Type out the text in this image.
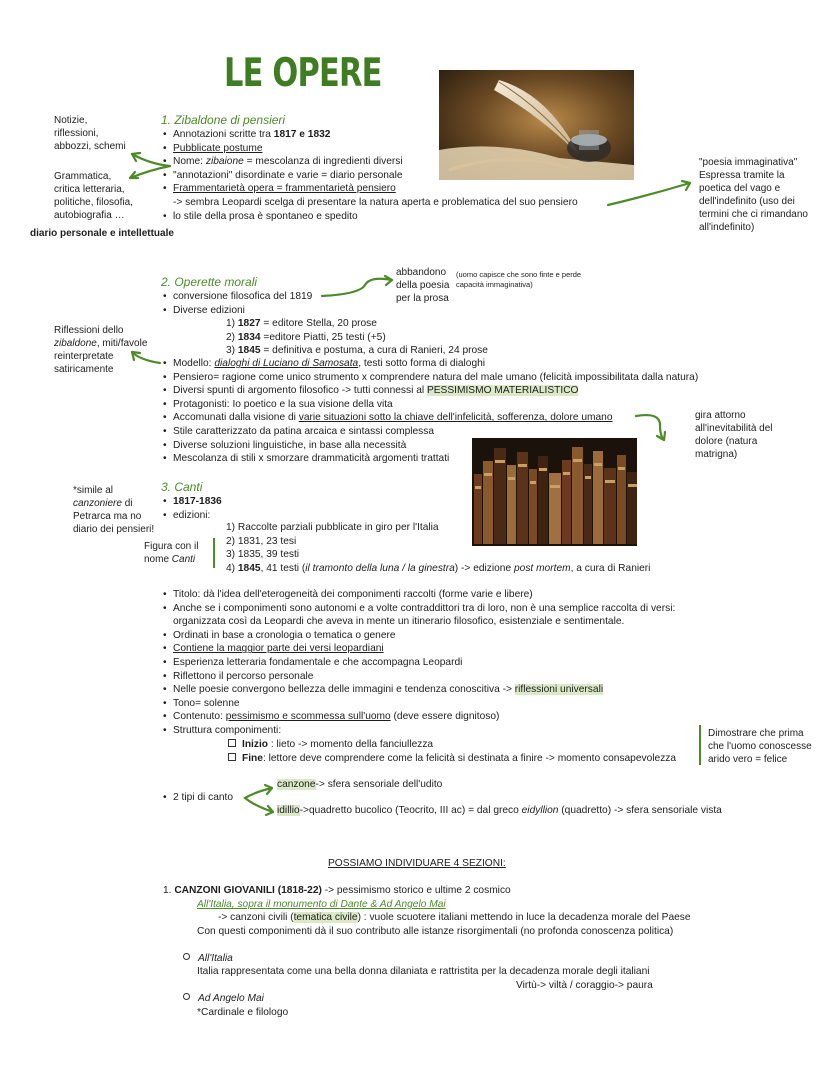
LE OPERE
Notizie,
riflessioni,
abbozzi, schemi
Grammatica,
critica letteraria,
politiche, filosofia,
autobiografia …
diario personale e intellettuale
1. Zibaldone di pensieri
• Annotazioni scritte tra 1817 e 1832
• Pubblicate postume
• Nome: zibaione = mescolanza di ingredienti diversi
• "annotazioni" disordinate e varie = diario personale
• Frammentarietà opera = frammentarietà pensiero
-> sembra Leopardi scelga di presentare la natura aperta e problematica del suo pensiero
• lo stile della prosa è spontaneo e spedito
"poesia immaginativa"
Espressa tramite la
poetica del vago e
dell'indefinito (uso dei
termini che ci rimandano
all'indefinito)
2. Operette morali
• conversione filosofica del 1819
• Diverse edizioni
1) 1827 = editore Stella, 20 prose
2) 1834 =editore Piatti, 25 testi (+5)
3) 1845 = definitiva e postuma, a cura di Ranieri, 24 prose
abbandono
della poesia
per la prosa
(uomo capisce che sono finte e perde
capacità immaginativa)
Riflessioni dello
zibaldone, miti/favole
reinterpretate
satiricamente
• Modello: dialoghi di Luciano di Samosata, testi sotto forma di dialoghi
• Pensiero= ragione come unico strumento x comprendere natura del male umano (felicità impossibilitata dalla natura)
• Diversi spunti di argomento filosofico -> tutti connessi al PESSIMISMO MATERIALISTICO
• Protagonisti: Io poetico e la sua visione della vita
• Accomunati dalla visione di varie situazioni sotto la chiave dell'infelicità, sofferenza, dolore umano
• Stile caratterizzato da patina arcaica e sintassi complessa
• Diverse soluzioni linguistiche, in base alla necessità
• Mescolanza di stili x smorzare drammaticità argomenti trattati
gira attorno
all'inevitabilità del
dolore (natura
matrigna)
3. Canti
• 1817-1836
• edizioni:
*simile al
canzoniere di
Petrarca ma no
diario dei pensieri!
Figura con il
nome Canti
1) Raccolte parziali pubblicate in giro per l'Italia
2) 1831, 23 tesi
3) 1835, 39 testi
4) 1845, 41 testi (il tramonto della luna / la ginestra) -> edizione post mortem, a cura di Ranieri
• Titolo: dà l'idea dell'eterogeneità dei componimenti raccolti (forme varie e libere)
• Anche se i componimenti sono autonomi e a volte contraddittori tra di loro, non è una semplice raccolta di versi:
organizzata così da Leopardi che aveva in mente un itinerario filosofico, esistenziale e sentimentale.
• Ordinati in base a cronologia o tematica o genere
• Contiene la maggior parte dei versi leopardiani
• Esperienza letteraria fondamentale e che accompagna Leopardi
• Riflettono il percorso personale
• Nelle poesie convergono bellezza delle immagini e tendenza conoscitiva -> riflessioni universali
• Tono= solenne
• Contenuto: pessimismo e scommessa sull'uomo (deve essere dignitoso)
• Struttura componimenti:
Inizio : lieto -> momento della fanciullezza
Fine: lettore deve comprendere come la felicità si destinata a finire -> momento consapevolezza
Dimostrare che prima
che l'uomo conoscesse
arido vero = felice
• 2 tipi di canto
canzone-> sfera sensoriale dell'udito
idillio->quadretto bucolico (Teocrito, III ac) = dal greco eidyllion (quadretto) -> sfera sensoriale vista
POSSIAMO INDIVIDUARE 4 SEZIONI:
1. CANZONI GIOVANILI (1818-22) -> pessimismo storico e ultime 2 cosmico
All'Italia, sopra il monumento di Dante & Ad Angelo Mai
-> canzoni civili (tematica civile) : vuole scuotere italiani mettendo in luce la decadenza morale del Paese
Con questi componimenti dà il suo contributo alle istanze risorgimentali (no profonda conoscenza politica)
All'Italia
Italia rappresentata come una bella donna dilaniata e rattristita per la decadenza morale degli italiani
Virtù-> viltà / coraggio-> paura
Ad Angelo Mai
*Cardinale e filologo
